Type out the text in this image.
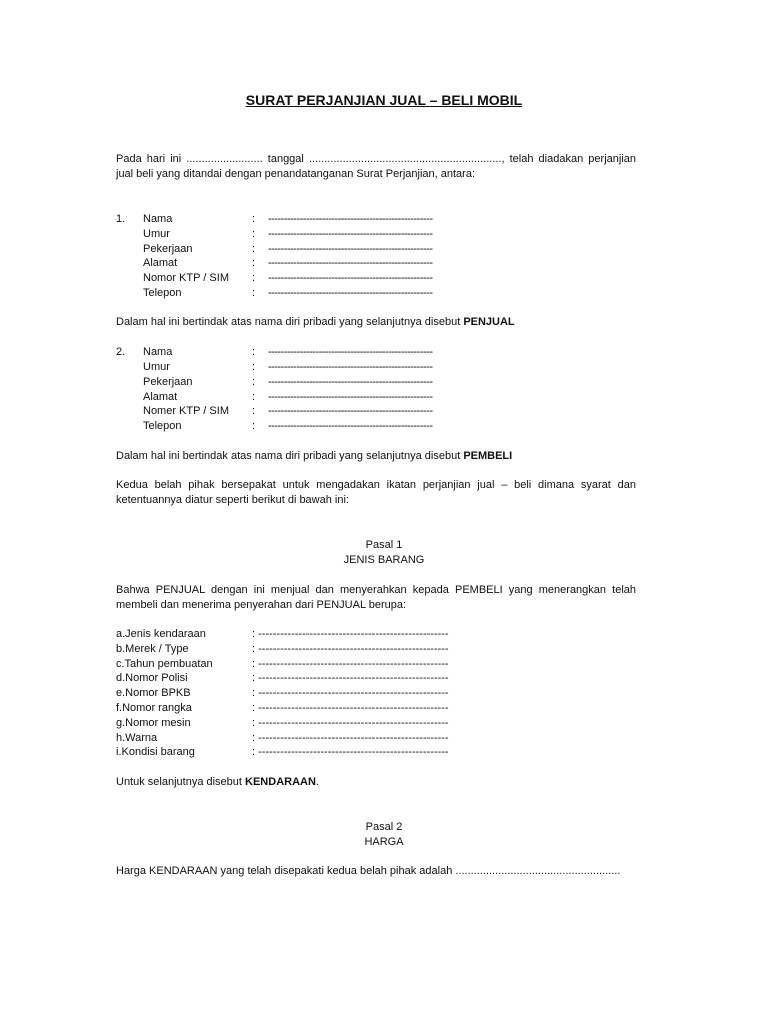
SURAT PERJANJIAN JUAL – BELI MOBIL
Pada hari ini ......................... tanggal ..............................................................., telah diadakan perjanjian jual beli yang ditandai dengan penandatanganan Surat Perjanjian, antara:
1. Nama	: ----------------------------------------------------
Umur	: ----------------------------------------------------
Pekerjaan	: ----------------------------------------------------
Alamat	: ----------------------------------------------------
Nomor KTP / SIM : ----------------------------------------------------
Telepon	: ----------------------------------------------------
Dalam hal ini bertindak atas nama diri pribadi yang selanjutnya disebut PENJUAL
2. Nama	: ----------------------------------------------------
Umur	: ----------------------------------------------------
Pekerjaan	: ----------------------------------------------------
Alamat	: ----------------------------------------------------
Nomer KTP / SIM : ----------------------------------------------------
Telepon	: ----------------------------------------------------
Dalam hal ini bertindak atas nama diri pribadi yang selanjutnya disebut PEMBELI
Kedua belah pihak bersepakat untuk mengadakan ikatan perjanjian jual – beli dimana syarat dan ketentuannya diatur seperti berikut di bawah ini:
Pasal 1
JENIS BARANG
Bahwa PENJUAL dengan ini menjual dan menyerahkan kepada PEMBELI yang menerangkan telah membeli dan menerima penyerahan dari PENJUAL berupa:
a.Jenis kendaraan	: ----------------------------------------------------
b.Merek / Type	: ----------------------------------------------------
c.Tahun pembuatan	: ----------------------------------------------------
d.Nomor Polisi	: ----------------------------------------------------
e.Nomor BPKB	: ----------------------------------------------------
f.Nomor rangka	: ----------------------------------------------------
g.Nomor mesin	: ----------------------------------------------------
h.Warna	: ----------------------------------------------------
i.Kondisi barang	: ----------------------------------------------------
Untuk selanjutnya disebut KENDARAAN.
Pasal 2
HARGA
Harga KENDARAAN yang telah disepakati kedua belah pihak adalah ......................................................
